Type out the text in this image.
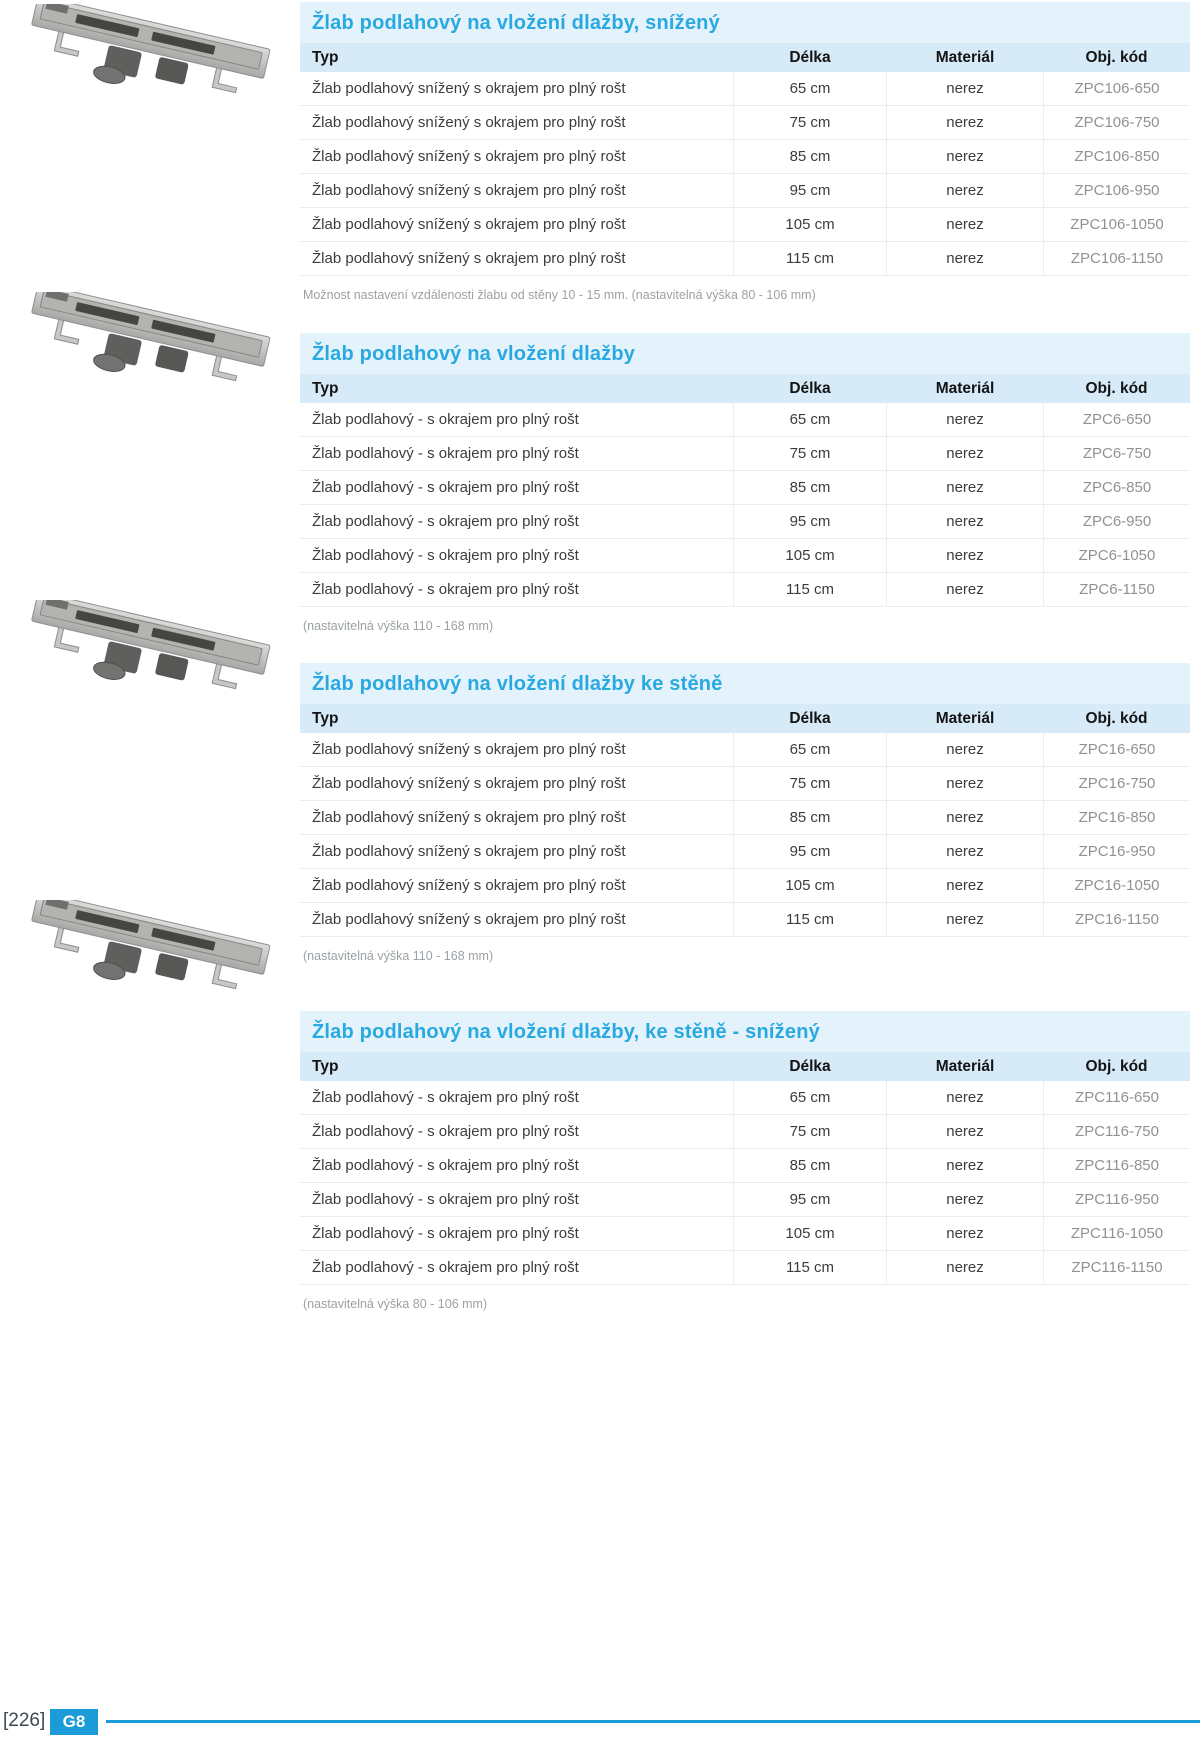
Žlab podlahový na vložení dlažby, snížený
Typ	Délka	Materiál	Obj. kód
Žlab podlahový snížený s okrajem pro plný rošt	65 cm	nerez	ZPC106-650
Žlab podlahový snížený s okrajem pro plný rošt	75 cm	nerez	ZPC106-750
Žlab podlahový snížený s okrajem pro plný rošt	85 cm	nerez	ZPC106-850
Žlab podlahový snížený s okrajem pro plný rošt	95 cm	nerez	ZPC106-950
Žlab podlahový snížený s okrajem pro plný rošt	105 cm	nerez	ZPC106-1050
Žlab podlahový snížený s okrajem pro plný rošt	115 cm	nerez	ZPC106-1150
Možnost nastavení vzdálenosti žlabu od stěny 10 - 15 mm. (nastavitelná výška 80 - 106 mm)
Žlab podlahový na vložení dlažby
Typ	Délka	Materiál	Obj. kód
Žlab podlahový - s okrajem pro plný rošt	65 cm	nerez	ZPC6-650
Žlab podlahový - s okrajem pro plný rošt	75 cm	nerez	ZPC6-750
Žlab podlahový - s okrajem pro plný rošt	85 cm	nerez	ZPC6-850
Žlab podlahový - s okrajem pro plný rošt	95 cm	nerez	ZPC6-950
Žlab podlahový - s okrajem pro plný rošt	105 cm	nerez	ZPC6-1050
Žlab podlahový - s okrajem pro plný rošt	115 cm	nerez	ZPC6-1150
(nastavitelná výška 110 - 168 mm)
Žlab podlahový na vložení dlažby ke stěně
Typ	Délka	Materiál	Obj. kód
Žlab podlahový snížený s okrajem pro plný rošt	65 cm	nerez	ZPC16-650
Žlab podlahový snížený s okrajem pro plný rošt	75 cm	nerez	ZPC16-750
Žlab podlahový snížený s okrajem pro plný rošt	85 cm	nerez	ZPC16-850
Žlab podlahový snížený s okrajem pro plný rošt	95 cm	nerez	ZPC16-950
Žlab podlahový snížený s okrajem pro plný rošt	105 cm	nerez	ZPC16-1050
Žlab podlahový snížený s okrajem pro plný rošt	115 cm	nerez	ZPC16-1150
(nastavitelná výška 110 - 168 mm)
Žlab podlahový na vložení dlažby, ke stěně - snížený
Typ	Délka	Materiál	Obj. kód
Žlab podlahový - s okrajem pro plný rošt	65 cm	nerez	ZPC116-650
Žlab podlahový - s okrajem pro plný rošt	75 cm	nerez	ZPC116-750
Žlab podlahový - s okrajem pro plný rošt	85 cm	nerez	ZPC116-850
Žlab podlahový - s okrajem pro plný rošt	95 cm	nerez	ZPC116-950
Žlab podlahový - s okrajem pro plný rošt	105 cm	nerez	ZPC116-1050
Žlab podlahový - s okrajem pro plný rošt	115 cm	nerez	ZPC116-1150
(nastavitelná výška 80 - 106 mm)
[226]	G8
